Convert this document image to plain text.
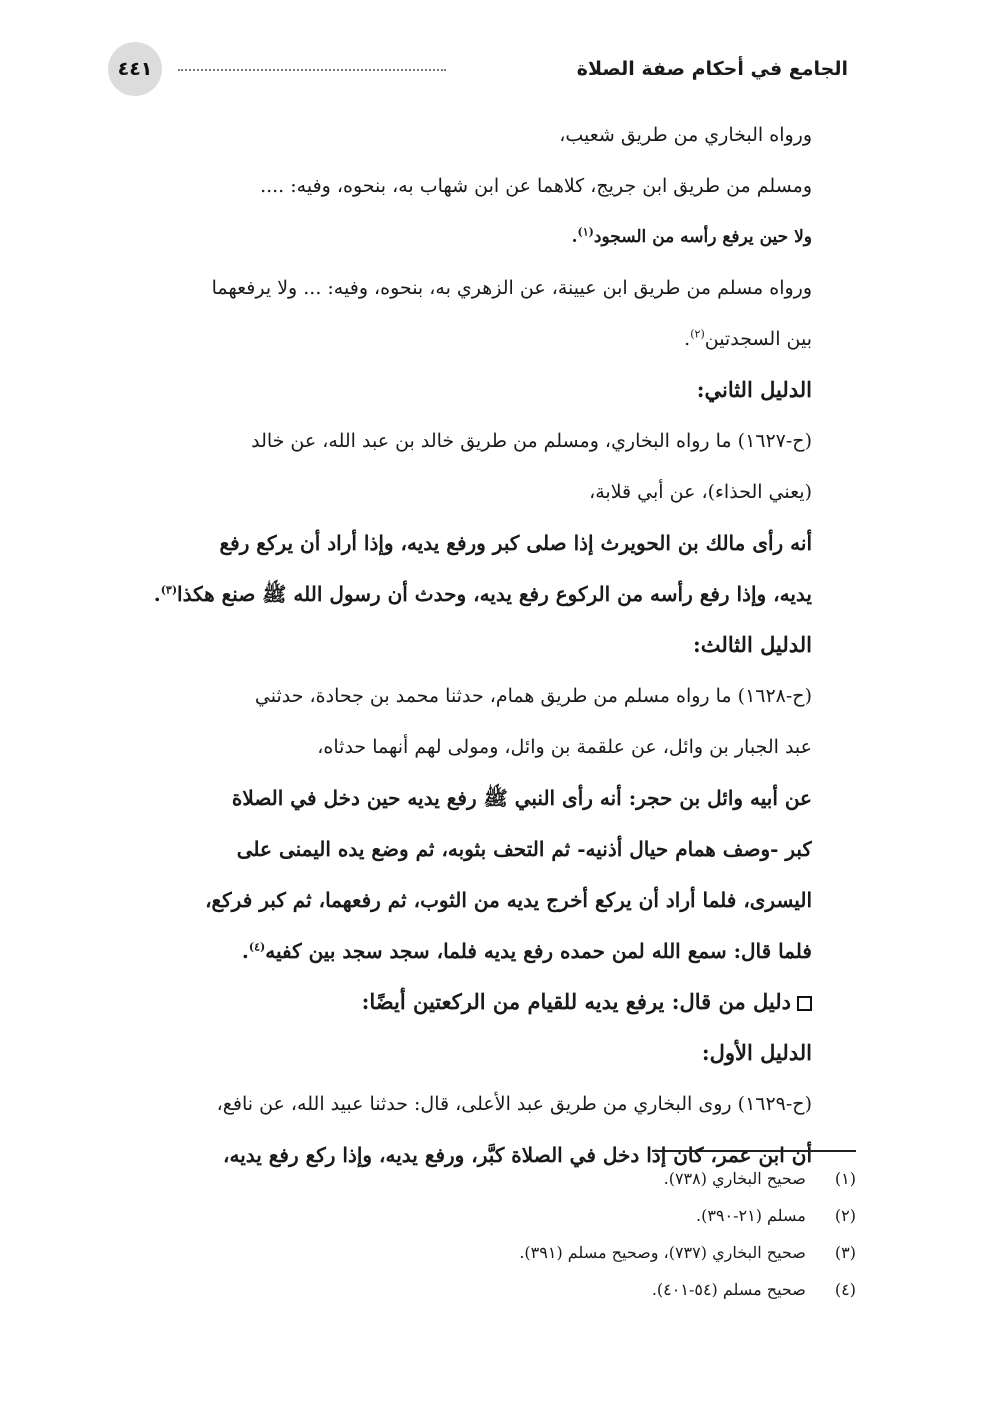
٤٤١	الجامع في أحكام صفة الصلاة

ورواه البخاري من طريق شعيب،

ومسلم من طريق ابن جريج، كلاهما عن ابن شهاب به، بنحوه، وفيه: ....

ولا حين يرفع رأسه من السجود$^{(١)}$.

ورواه مسلم من طريق ابن عيينة، عن الزهري به، بنحوه، وفيه: ... ولا يرفعهما

بين السجدتين$^{(٢)}$.

الدليل الثاني:

(ح-١٦٢٧) ما رواه البخاري، ومسلم من طريق خالد بن عبد الله، عن خالد

(يعني الحذاء)، عن أبي قلابة،

أنه رأى مالك بن الحويرث إذا صلى كبر ورفع يديه، وإذا أراد أن يركع رفع

يديه، وإذا رفع رأسه من الركوع رفع يديه، وحدث أن رسول الله ﷺ صنع هكذا$^{(٣)}$.

الدليل الثالث:

(ح-١٦٢٨) ما رواه مسلم من طريق همام، حدثنا محمد بن جحادة، حدثني

عبد الجبار بن وائل، عن علقمة بن وائل، ومولى لهم أنهما حدثاه،

عن أبيه وائل بن حجر: أنه رأى النبي ﷺ رفع يديه حين دخل في الصلاة

كبر -وصف همام حيال أذنيه- ثم التحف بثوبه، ثم وضع يده اليمنى على

اليسرى، فلما أراد أن يركع أخرج يديه من الثوب، ثم رفعهما، ثم كبر فركع،

فلما قال: سمع الله لمن حمده رفع يديه فلما، سجد سجد بين كفيه$^{(٤)}$.

دليل من قال: يرفع يديه للقيام من الركعتين أيضًا:

الدليل الأول:

(ح-١٦٢٩) روى البخاري من طريق عبد الأعلى، قال: حدثنا عبيد الله، عن نافع،

أن ابن عمر، كان إذا دخل في الصلاة كبَّر، ورفع يديه، وإذا ركع رفع يديه،

(١)  صحيح البخاري (٧٣٨).
(٢)  مسلم (٢١-٣٩٠).
(٣)  صحيح البخاري (٧٣٧)، وصحيح مسلم (٣٩١).
(٤)  صحيح مسلم (٥٤-٤٠١).
